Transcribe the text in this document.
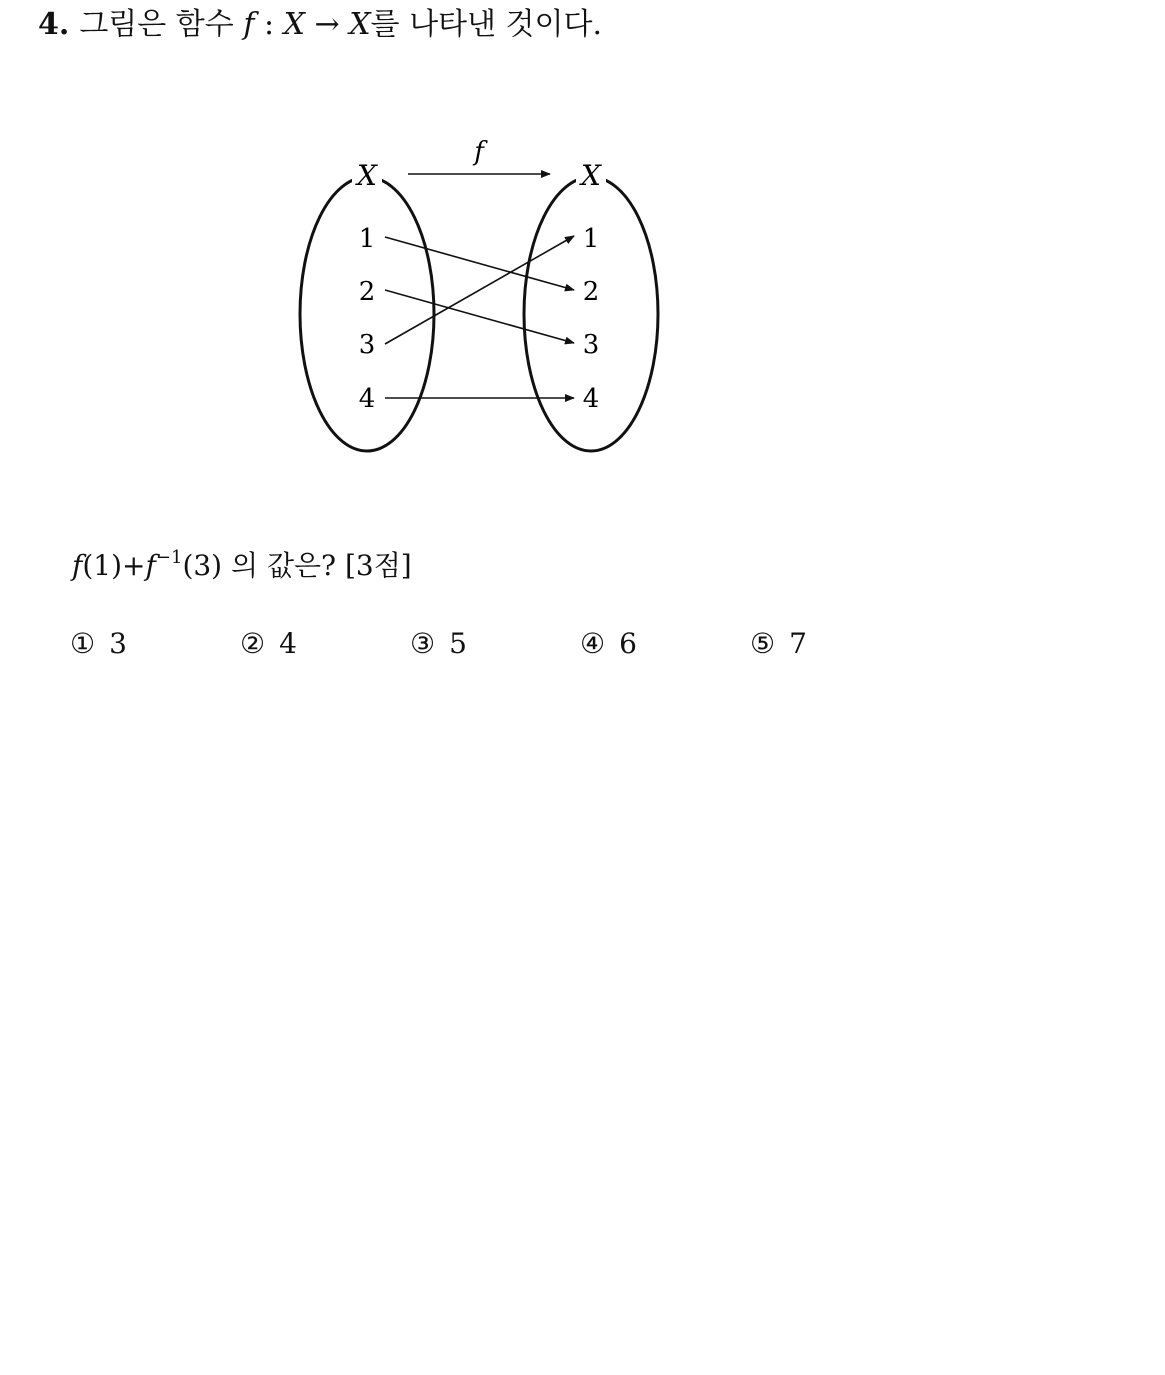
4. 그림은 함수 f : X → X를 나타낸 것이다.
X	X
f
1
2
3
4
1
2
3
4
$f(1)+f^{-1}(3)$ 의 값은? [3점]
① 3	② 4	③ 5	④ 6	⑤ 7
